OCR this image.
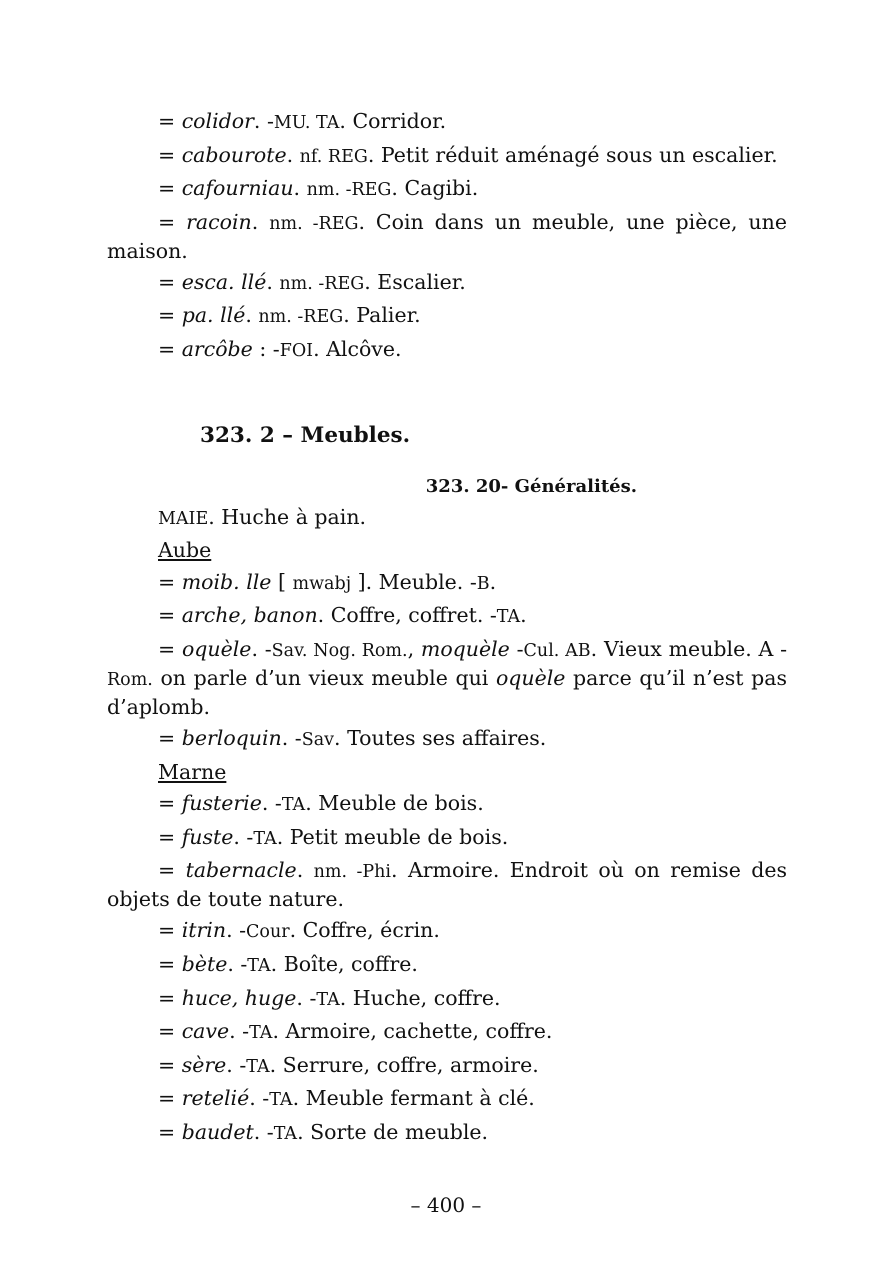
= colidor. -MU. TA. Corridor.

= cabourote. nf. REG. Petit réduit aménagé sous un escalier.

= cafourniau. nm. -REG. Cagibi.

= racoin. nm. -REG. Coin dans un meuble, une pièce, une maison.

= esca. llé. nm. -REG. Escalier.

= pa. llé. nm. -REG. Palier.

= arcôbe : -FOI. Alcôve.

323. 2 – Meubles.
323. 20- Généralités.

MAIE. Huche à pain.

Aube

= moib. lle [ mwabj ]. Meuble. -B.

= arche, banon. Coffre, coffret. -TA.

= oquèle. -Sav. Nog. Rom., moquèle -Cul. AB. Vieux meuble. A -Rom. on parle d’un vieux meuble qui oquèle parce qu’il n’est pas d’aplomb.

= berloquin. -Sav. Toutes ses affaires.

Marne

= fusterie. -TA. Meuble de bois.

= fuste. -TA. Petit meuble de bois.

= tabernacle. nm. -Phi. Armoire. Endroit où on remise des objets de toute nature.

= itrin. -Cour. Coffre, écrin.

= bète. -TA. Boîte, coffre.

= huce, huge. -TA. Huche, coffre.

= cave. -TA. Armoire, cachette, coffre.

= sère. -TA. Serrure, coffre, armoire.

= retelié. -TA. Meuble fermant à clé.

= baudet. -TA. Sorte de meuble.

– 400 –
